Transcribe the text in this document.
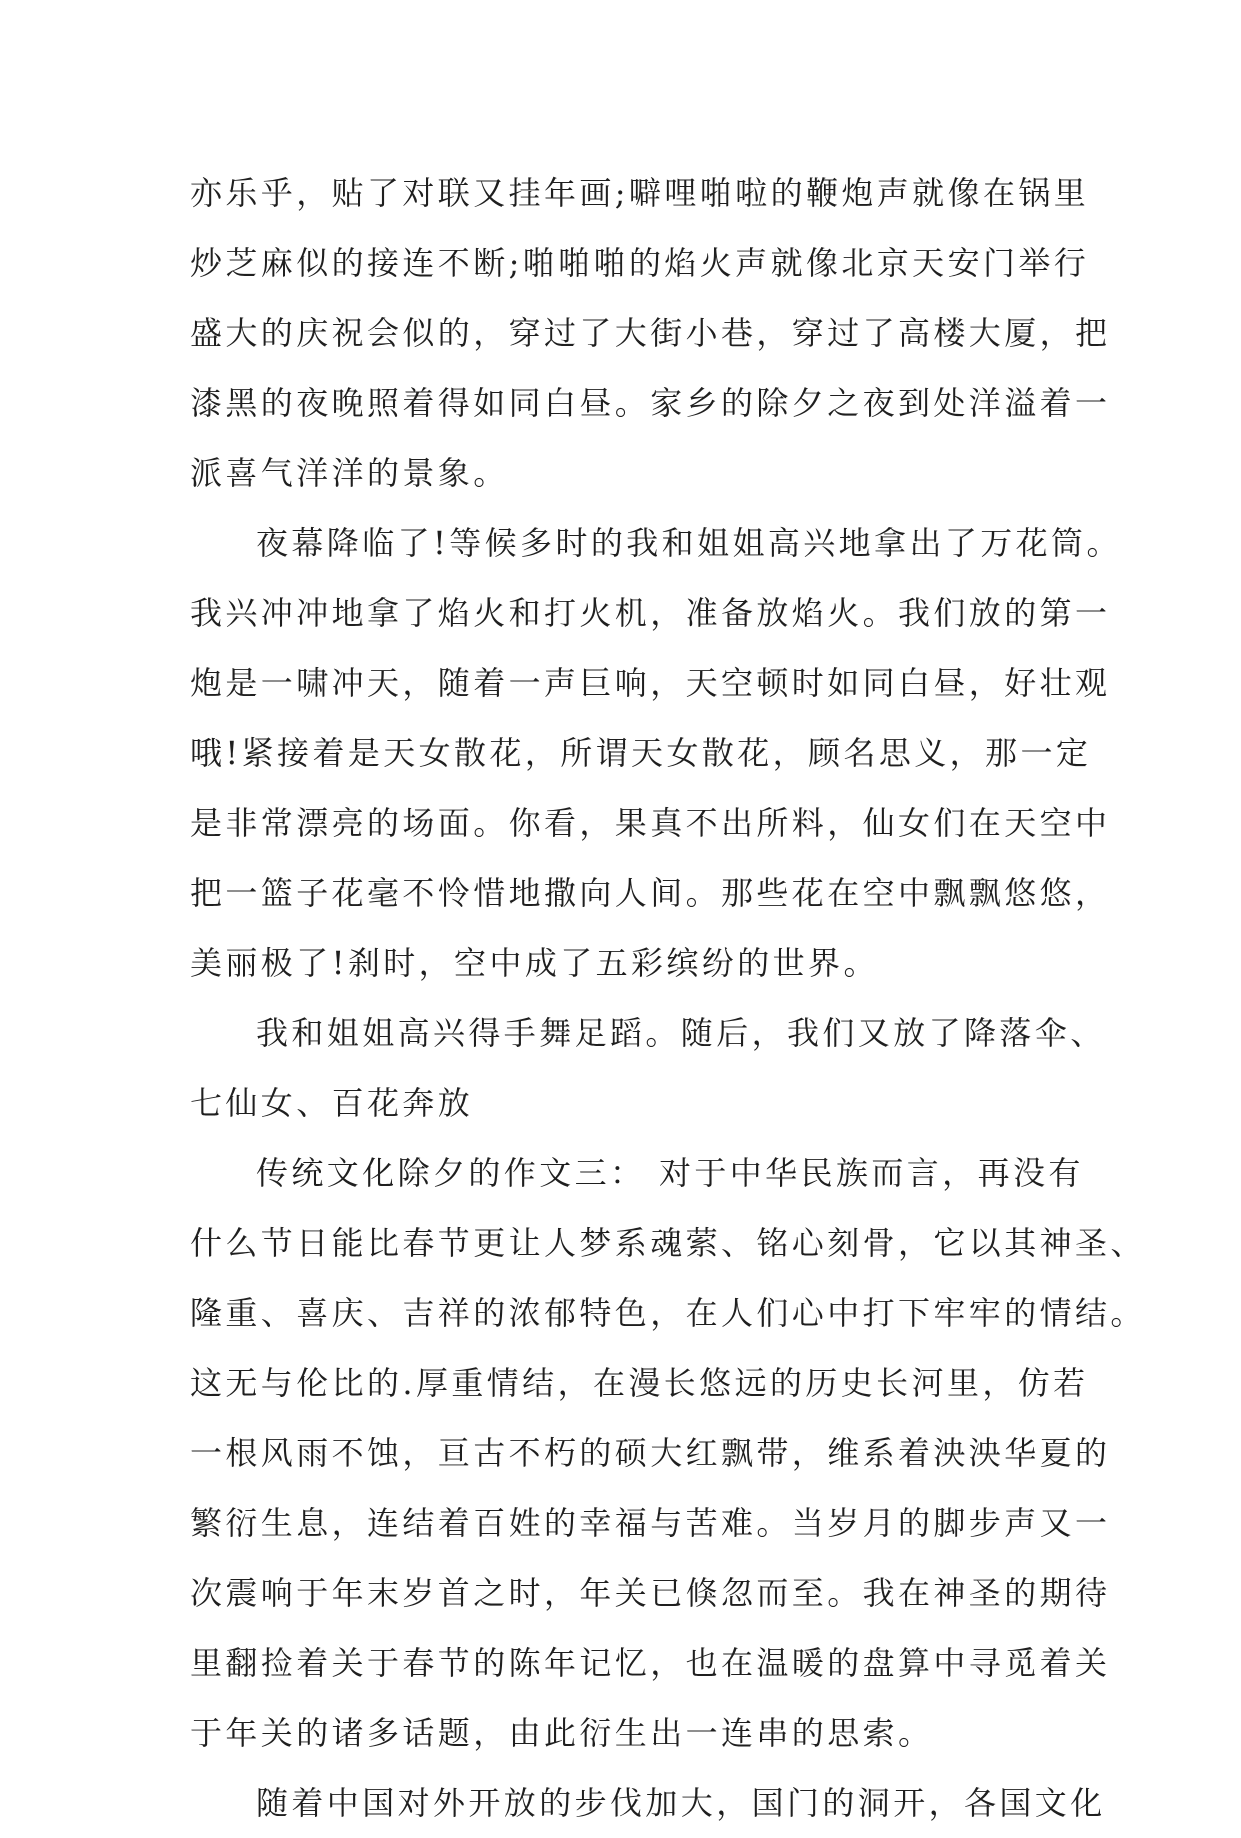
亦乐乎，贴了对联又挂年画;噼哩啪啦的鞭炮声就像在锅里
炒芝麻似的接连不断;啪啪啪的焰火声就像北京天安门举行
盛大的庆祝会似的，穿过了大街小巷，穿过了高楼大厦，把
漆黑的夜晚照着得如同白昼。家乡的除夕之夜到处洋溢着一
派喜气洋洋的景象。
夜幕降临了!等候多时的我和姐姐高兴地拿出了万花筒。
我兴冲冲地拿了焰火和打火机，准备放焰火。我们放的第一
炮是一啸冲天，随着一声巨响，天空顿时如同白昼，好壮观
哦!紧接着是天女散花，所谓天女散花，顾名思义，那一定
是非常漂亮的场面。你看，果真不出所料，仙女们在天空中
把一篮子花毫不怜惜地撒向人间。那些花在空中飘飘悠悠，
美丽极了!刹时，空中成了五彩缤纷的世界。
我和姐姐高兴得手舞足蹈。随后，我们又放了降落伞、
七仙女、百花奔放
传统文化除夕的作文三： 对于中华民族而言，再没有
什么节日能比春节更让人梦系魂萦、铭心刻骨，它以其神圣、
隆重、喜庆、吉祥的浓郁特色，在人们心中打下牢牢的情结。
这无与伦比的.厚重情结，在漫长悠远的历史长河里，仿若
一根风雨不蚀，亘古不朽的硕大红飘带，维系着泱泱华夏的
繁衍生息，连结着百姓的幸福与苦难。当岁月的脚步声又一
次震响于年末岁首之时，年关已倏忽而至。我在神圣的期待
里翻捡着关于春节的陈年记忆，也在温暖的盘算中寻觅着关
于年关的诸多话题，由此衍生出一连串的思索。
随着中国对外开放的步伐加大，国门的洞开，各国文化
